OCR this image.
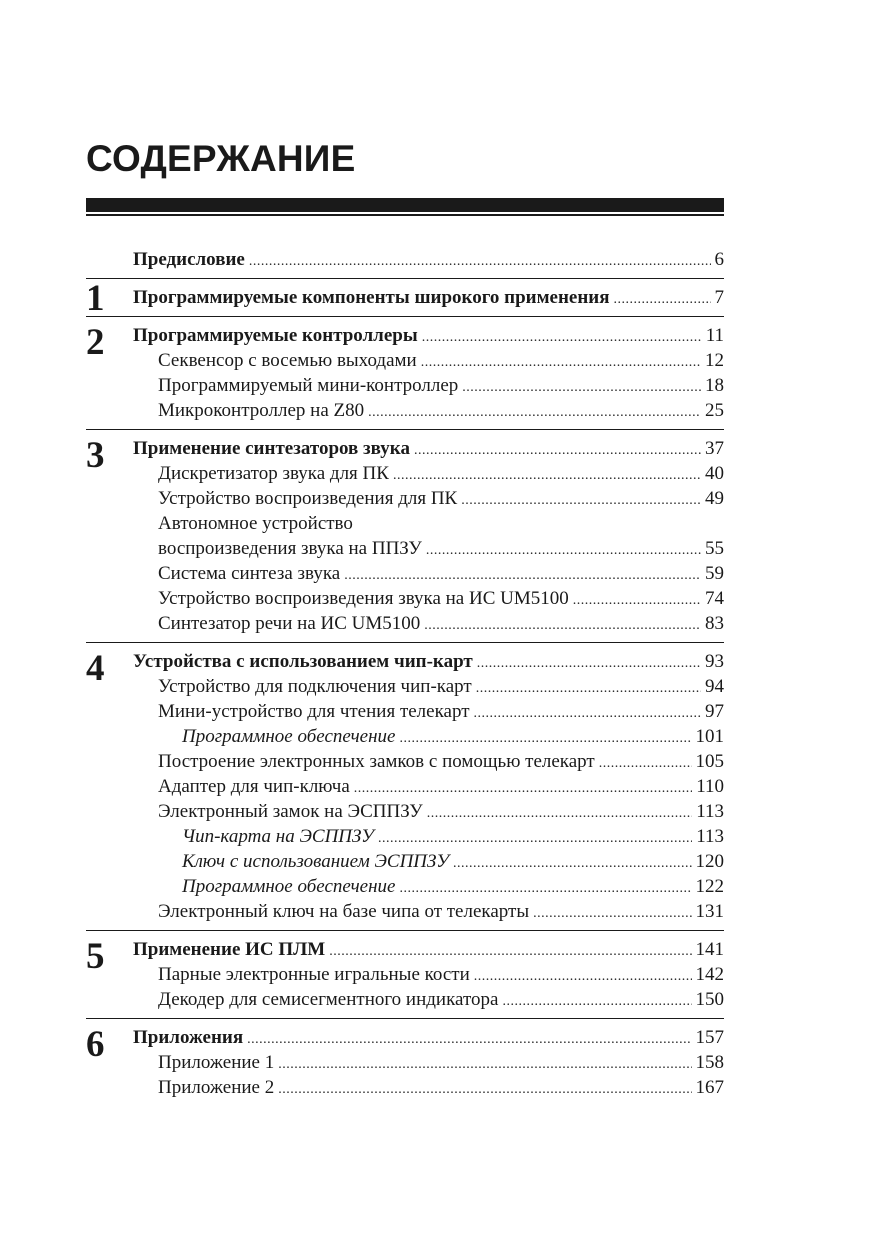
СОДЕРЖАНИЕ
Предисловие .....	6
1 Программируемые компоненты широкого применения .....	7
2 Программируемые контроллеры .....	11
Секвенсор с восемью выходами .....	12
Программируемый мини-контроллер .....	18
Микроконтроллер на Z80 .....	25
3 Применение синтезаторов звука .....	37
Дискретизатор звука для ПК .....	40
Устройство воспроизведения для ПК .....	49
Автономное устройство
воспроизведения звука на ППЗУ .....	55
Система синтеза звука .....	59
Устройство воспроизведения звука на ИС UM5100 .....	74
Синтезатор речи на ИС UM5100 .....	83
4 Устройства с использованием чип-карт .....	93
Устройство для подключения чип-карт .....	94
Мини-устройство для чтения телекарт .....	97
Программное обеспечение .....	101
Построение электронных замков с помощью телекарт .....	105
Адаптер для чип-ключа .....	110
Электронный замок на ЭСППЗУ .....	113
Чип-карта на ЭСППЗУ .....	113
Ключ с использованием ЭСППЗУ .....	120
Программное обеспечение .....	122
Электронный ключ на базе чипа от телекарты .....	131
5 Применение ИС ПЛМ .....	141
Парные электронные игральные кости .....	142
Декодер для семисегментного индикатора .....	150
6 Приложения .....	157
Приложение 1 .....	158
Приложение 2 .....	167
